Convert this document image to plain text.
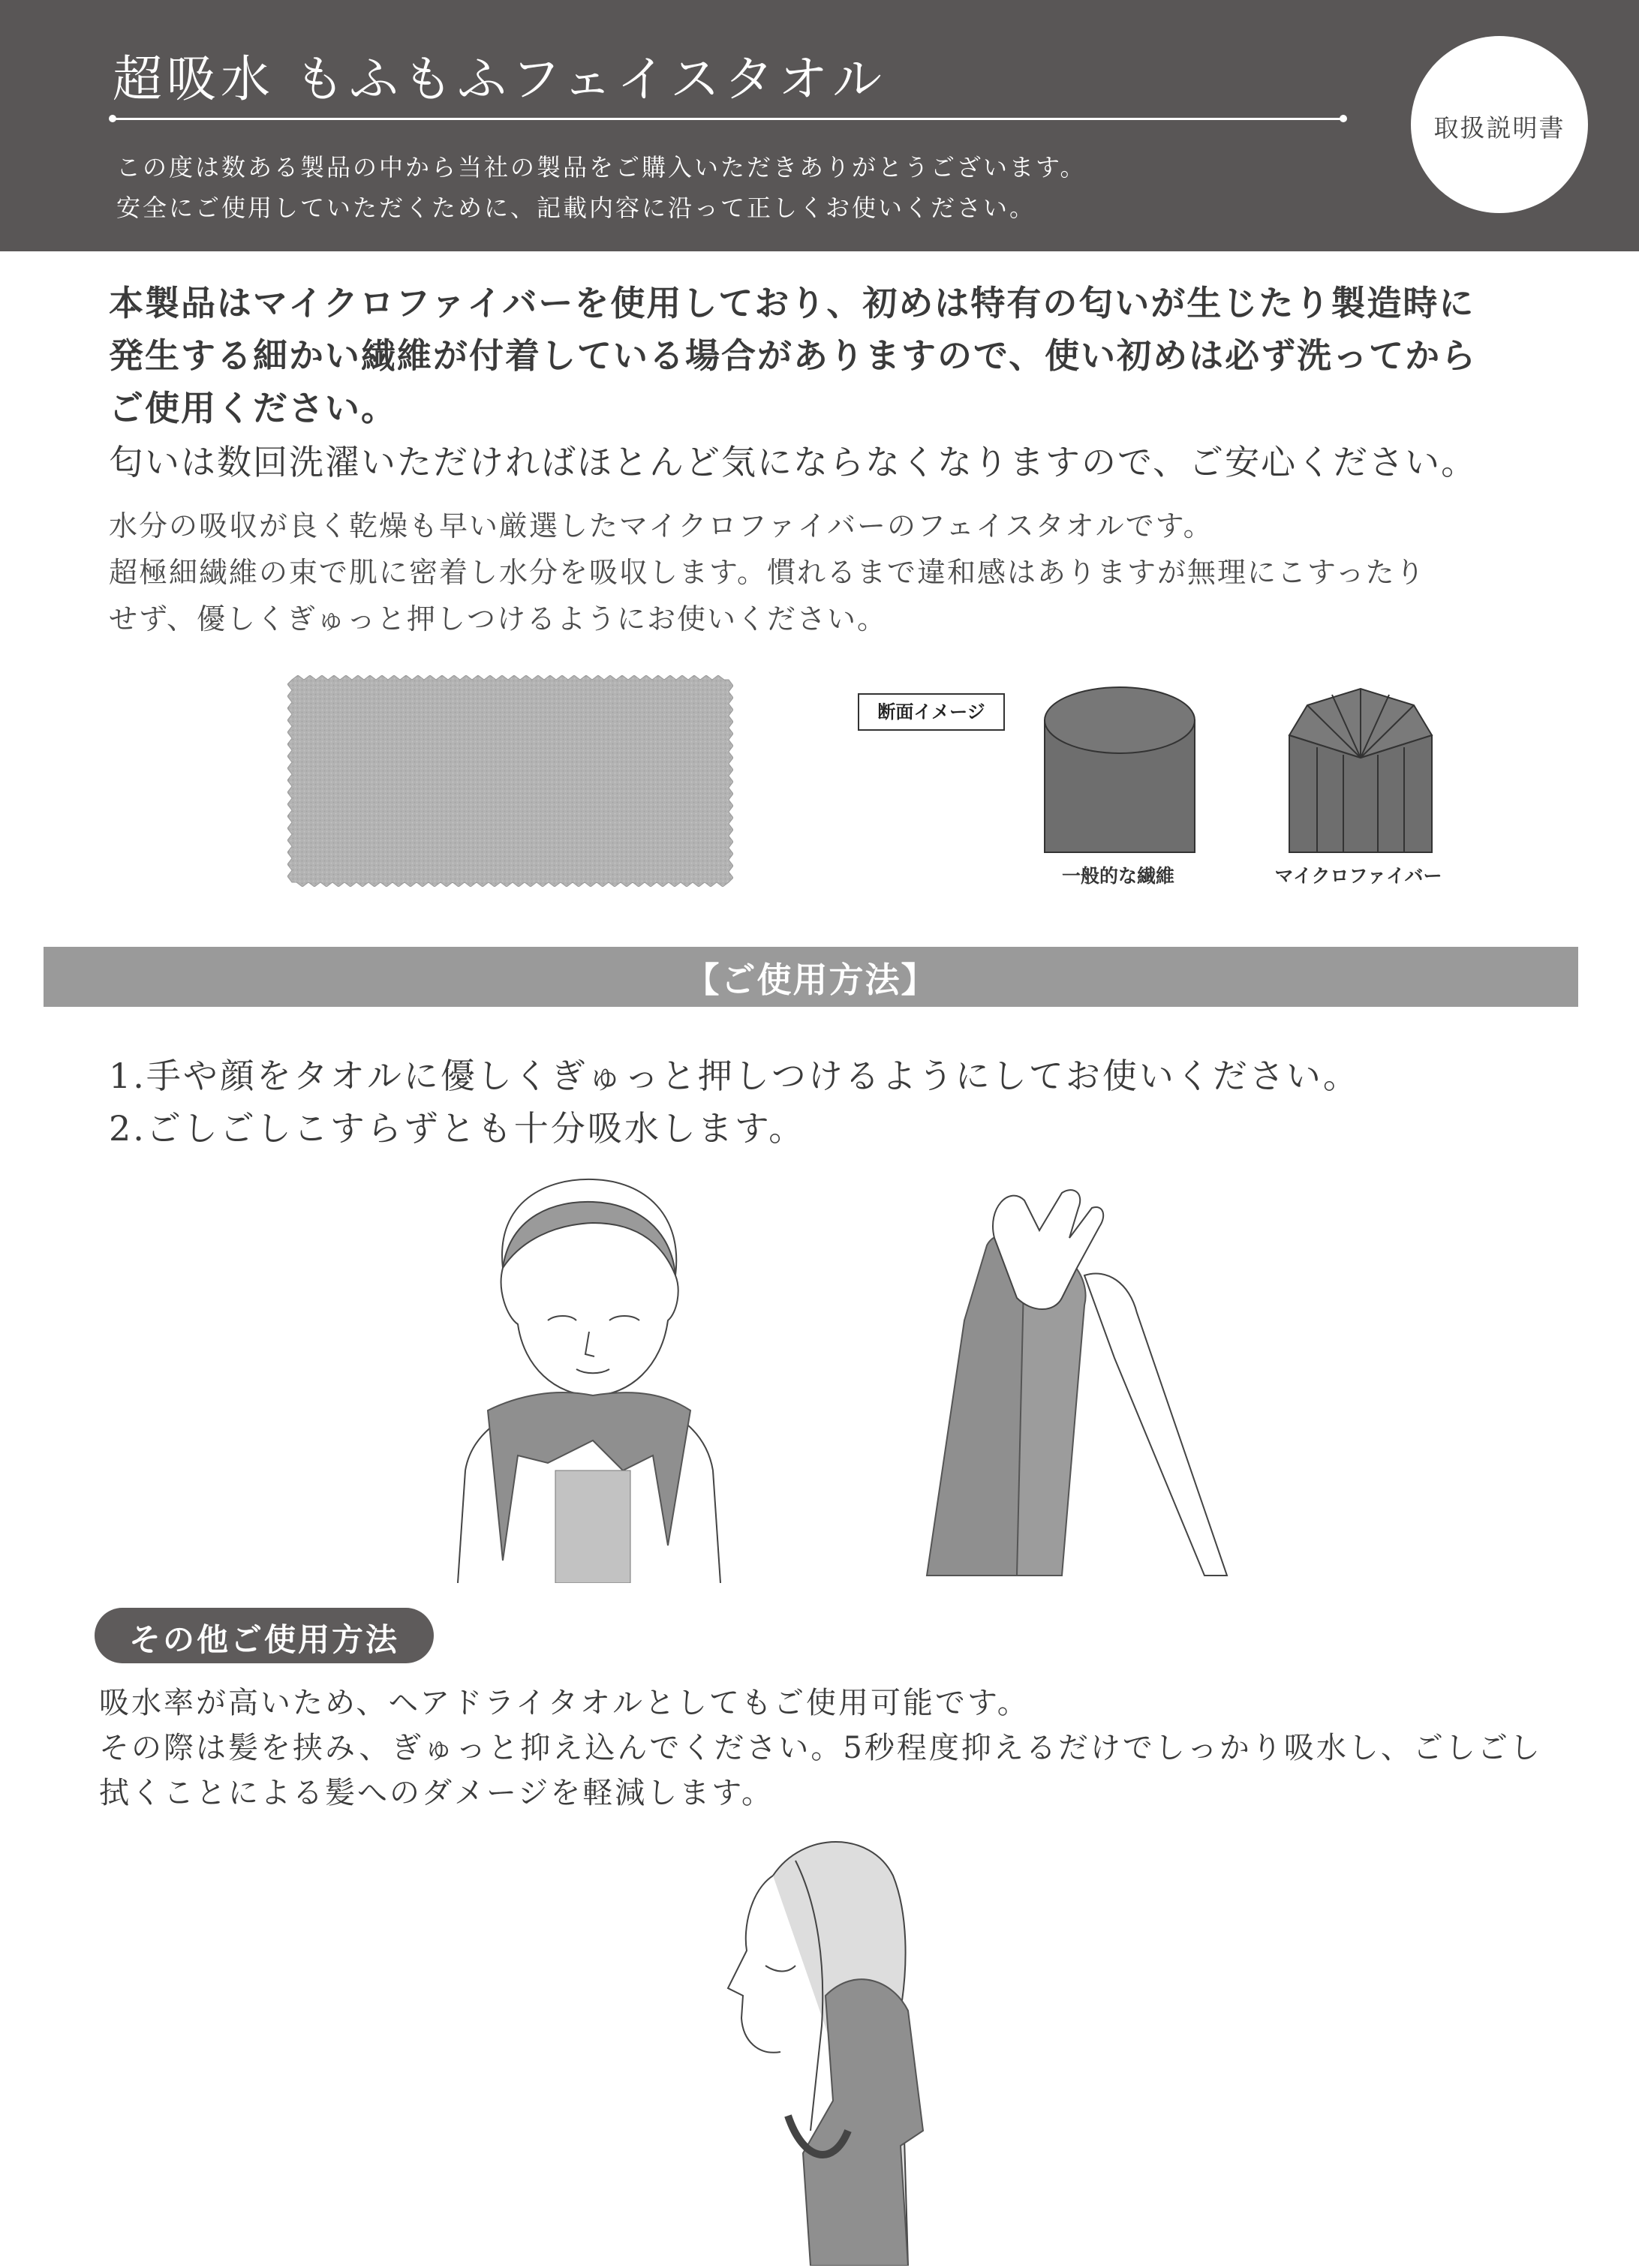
超吸水 もふもふフェイスタオル
この度は数ある製品の中から当社の製品をご購入いただきありがとうございます。
安全にご使用していただくために、記載内容に沿って正しくお使いください。
取扱説明書
本製品はマイクロファイバーを使用しており、初めは特有の匂いが生じたり製造時に
発生する細かい繊維が付着している場合がありますので、使い初めは必ず洗ってから
ご使用ください。
匂いは数回洗濯いただければほとんど気にならなくなりますので、ご安心ください。
水分の吸収が良く乾燥も早い厳選したマイクロファイバーのフェイスタオルです。
超極細繊維の束で肌に密着し水分を吸収します。慣れるまで違和感はありますが無理にこすったり
せず、優しくぎゅっと押しつけるようにお使いください。
断面イメージ
一般的な繊維	マイクロファイバー
【ご使用方法】
1.手や顔をタオルに優しくぎゅっと押しつけるようにしてお使いください。
2.ごしごしこすらずとも十分吸水します。
その他ご使用方法
吸水率が高いため、ヘアドライタオルとしてもご使用可能です。
その際は髪を挟み、ぎゅっと抑え込んでください。5秒程度抑えるだけでしっかり吸水し、ごしごし
拭くことによる髪へのダメージを軽減します。
